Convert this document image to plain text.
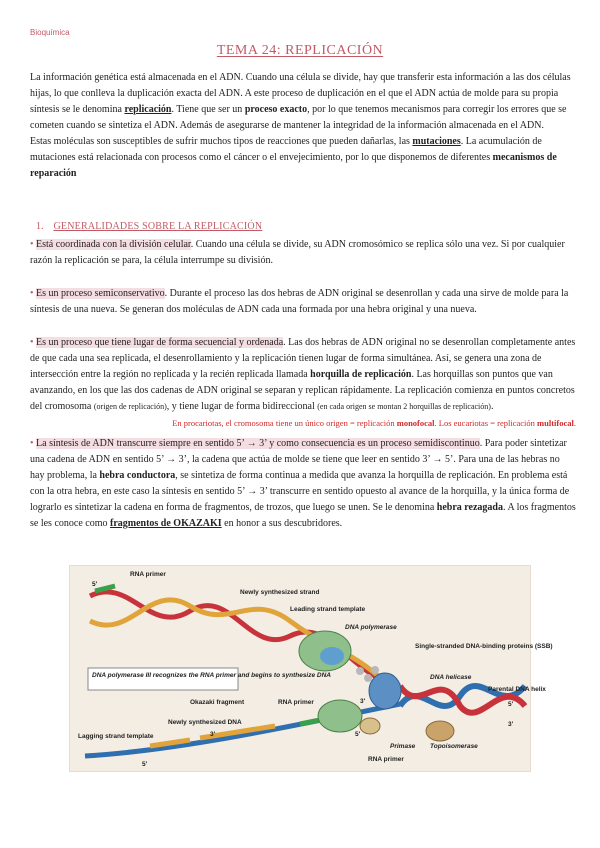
Bioquímica
TEMA 24: REPLICACIÓN

La información genética está almacenada en el ADN. Cuando una célula se divide, hay que transferir esta información a las dos células hijas, lo que conlleva la duplicación exacta del ADN. A este proceso de duplicación en el que el ADN actúa de molde para su propia síntesis se le denomina replicación. Tiene que ser un proceso exacto, por lo que tenemos mecanismos para corregir los errores que se cometen cuando se sintetiza el ADN. Además de asegurarse de mantener la integridad de la información almacenada en el ADN.

Estas moléculas son susceptibles de sufrir muchos tipos de reacciones que pueden dañarlas, las mutaciones. La acumulación de mutaciones está relacionada con procesos como el cáncer o el envejecimiento, por lo que disponemos de diferentes mecanismos de reparación

1. GENERALIDADES SOBRE LA REPLICACIÓN

• Está coordinada con la división celular. Cuando una célula se divide, su ADN cromosómico se replica sólo una vez. Si por cualquier razón la replicación se para, la célula interrumpe su división.

• Es un proceso semiconservativo. Durante el proceso las dos hebras de ADN original se desenrollan y cada una sirve de molde para la síntesis de una nueva. Se generan dos moléculas de ADN cada una formada por una hebra original y una nueva.

• Es un proceso que tiene lugar de forma secuencial y ordenada. Las dos hebras de ADN original no se desenrollan completamente antes de que cada una sea replicada, el desenrollamiento y la replicación tienen lugar de forma simultánea. Así, se genera una zona de intersección entre la región no replicada y la recién replicada llamada horquilla de replicación. Las horquillas son puntos que van avanzando, en los que las dos cadenas de ADN original se separan y replican rápidamente. La replicación comienza en puntos concretos del cromosoma (origen de replicación), y tiene lugar de forma bidireccional (en cada origen se montan 2 horquillas de replicación).

En procariotas, el cromosoma tiene un único origen = replicación monofocal. Los eucariotas = replicación multifocal.

• La síntesis de ADN transcurre siempre en sentido 5’ → 3’ y como consecuencia es un proceso semidiscontinuo. Para poder sintetizar una cadena de ADN en sentido 5’ → 3’, la cadena que actúa de molde se tiene que leer en sentido 3’ → 5’. Para una de las hebras no hay problema, la hebra conductora, se sintetiza de forma continua a medida que avanza la horquilla de replicación. En problema está con la otra hebra, en este caso la síntesis en sentido 5’ → 3’ transcurre en sentido opuesto al avance de la horquilla, y la única forma de lograrlo es sintetizar la cadena en forma de fragmentos, de trozos, que luego se unen. Se le denomina hebra rezagada. A los fragmentos se les conoce como fragmentos de OKAZAKI en honor a sus descubridores.

RNA primer
5'
Newly synthesized strand
Leading strand template
DNA polymerase
Single-stranded DNA-binding proteins (SSB)
DNA helicase
Parental DNA helix
3'	5'
3'
DNA polymerase III recognizes the RNA primer and begins to synthesize DNA
Okazaki fragment
Newly synthesized DNA
RNA primer
Lagging strand template	3'	5'
5'
Primase Topoisomerase
RNA primer
